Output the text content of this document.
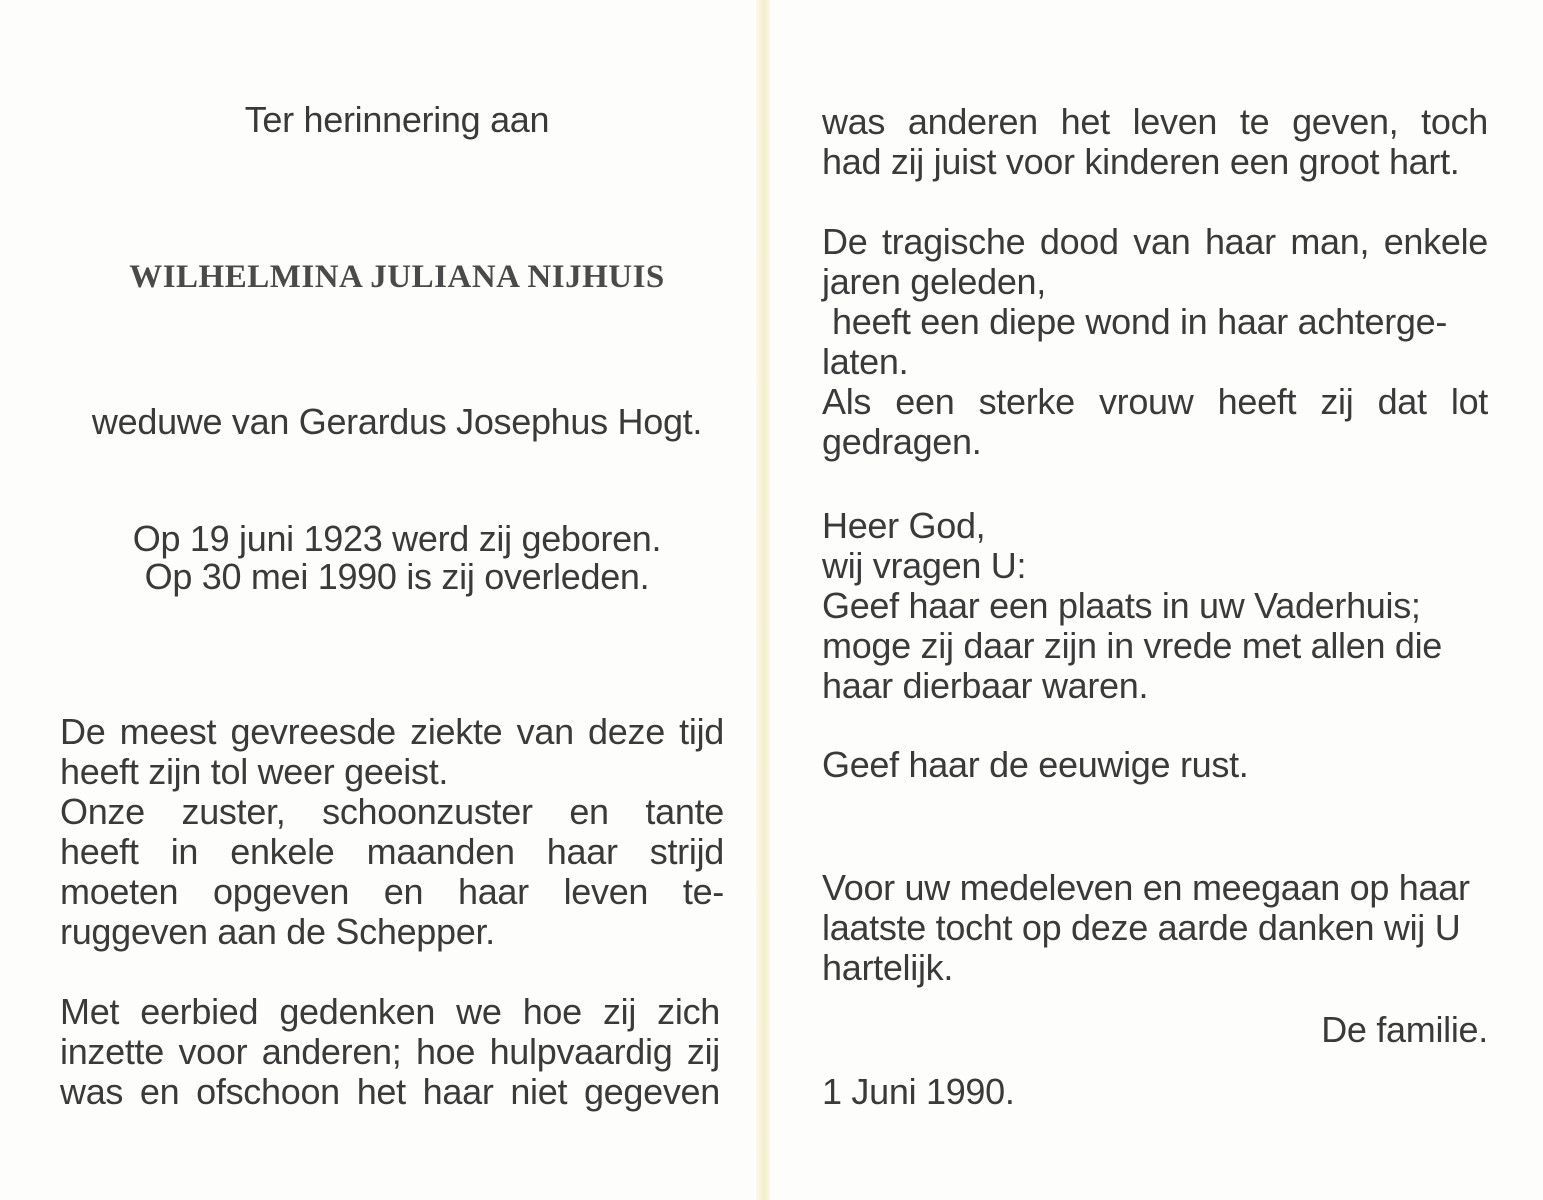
Ter herinnering aan
WILHELMINA JULIANA NIJHUIS
weduwe van Gerardus Josephus Hogt.
Op 19 juni 1923 werd zij geboren.
Op 30 mei 1990 is zij overleden.
De meest gevreesde ziekte van deze tijd
heeft zijn tol weer geeist.
Onze zuster, schoonzuster en tante
heeft in enkele maanden haar strijd
moeten opgeven en haar leven te-
ruggeven aan de Schepper.
Met eerbied gedenken we hoe zij zich
inzette voor anderen; hoe hulpvaardig zij
was en ofschoon het haar niet gegeven
was anderen het leven te geven, toch
had zij juist voor kinderen een groot hart.
De tragische dood van haar man, enkele
jaren geleden,
heeft een diepe wond in haar achterge-
laten.
Als een sterke vrouw heeft zij dat lot
gedragen.
Heer God,
wij vragen U:
Geef haar een plaats in uw Vaderhuis;
moge zij daar zijn in vrede met allen die
haar dierbaar waren.
Geef haar de eeuwige rust.
Voor uw medeleven en meegaan op haar
laatste tocht op deze aarde danken wij U
hartelijk.
De familie.
1 Juni 1990.
